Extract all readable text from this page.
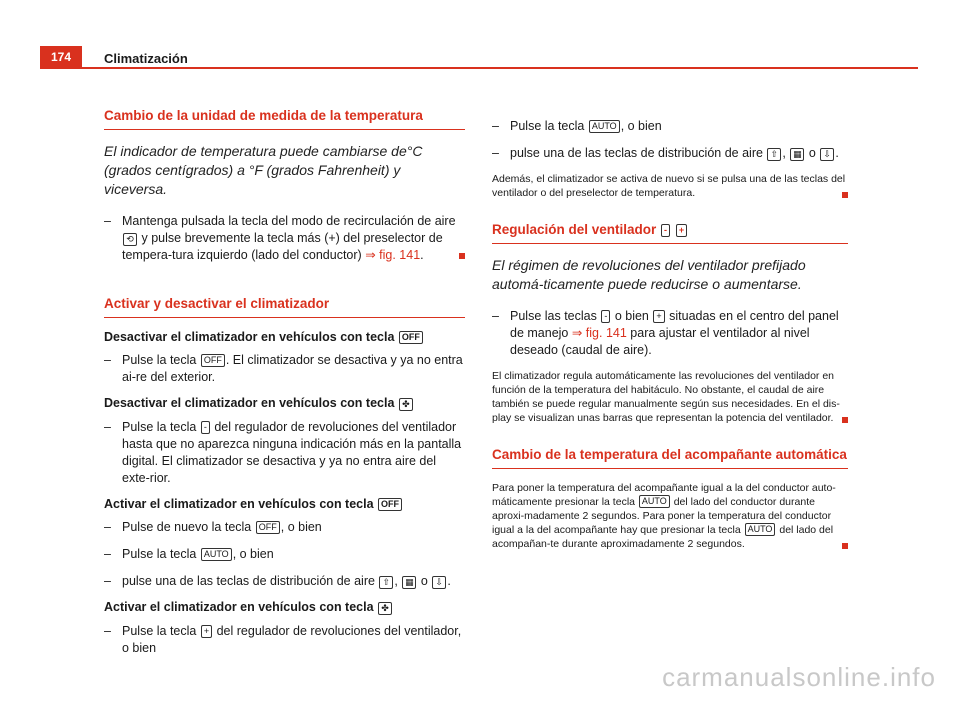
174	Climatización
Cambio de la unidad de medida de la temperatura

El indicador de temperatura puede cambiarse de°C (grados centígrados) a °F (grados Fahrenheit) y viceversa.

– Mantenga pulsada la tecla del modo de recirculación de aire ⟲ y pulse brevemente la tecla más (+) del preselector de tempera-tura izquierdo (lado del conductor) ⇒ fig. 141.
Activar y desactivar el climatizador

Desactivar el climatizador en vehículos con tecla OFF

– Pulse la tecla OFF . El climatizador se desactiva y ya no entra ai-re del exterior.

Desactivar el climatizador en vehículos con tecla ✤

– Pulse la tecla - del regulador de revoluciones del ventilador hasta que no aparezca ninguna indicación más en la pantalla digital. El climatizador se desactiva y ya no entra aire del exte-rior.

Activar el climatizador en vehículos con tecla OFF

– Pulse de nuevo la tecla OFF , o bien
– Pulse la tecla AUTO , o bien
– pulse una de las teclas de distribución de aire ⇧ , ▦ o ⇩ .

Activar el climatizador en vehículos con tecla ✤

– Pulse la tecla + del regulador de revoluciones del ventilador, o bien
– Pulse la tecla AUTO , o bien
– pulse una de las teclas de distribución de aire ⇧ , ▦ o ⇩ .

Además, el climatizador se activa de nuevo si se pulsa una de las teclas del ventilador o del preselector de temperatura.

Regulación del ventilador - +

El régimen de revoluciones del ventilador prefijado automá-ticamente puede reducirse o aumentarse.

– Pulse las teclas - o bien + situadas en el centro del panel de manejo ⇒ fig. 141 para ajustar el ventilador al nivel deseado (caudal de aire).

El climatizador regula automáticamente las revoluciones del ventilador en función de la temperatura del habitáculo. No obstante, el caudal de aire también se puede regular manualmente según sus necesidades. En el dis-play se visualizan unas barras que representan la potencia del ventilador.

Cambio de la temperatura del acompañante automática

Para poner la temperatura del acompañante igual a la del conductor auto-máticamente presionar la tecla AUTO del lado del conductor durante aproxi-madamente 2 segundos. Para poner la temperatura del conductor igual a la del acompañante hay que presionar la tecla AUTO del lado del acompañan-te durante aproximadamente 2 segundos.

carmanualsonline.info
